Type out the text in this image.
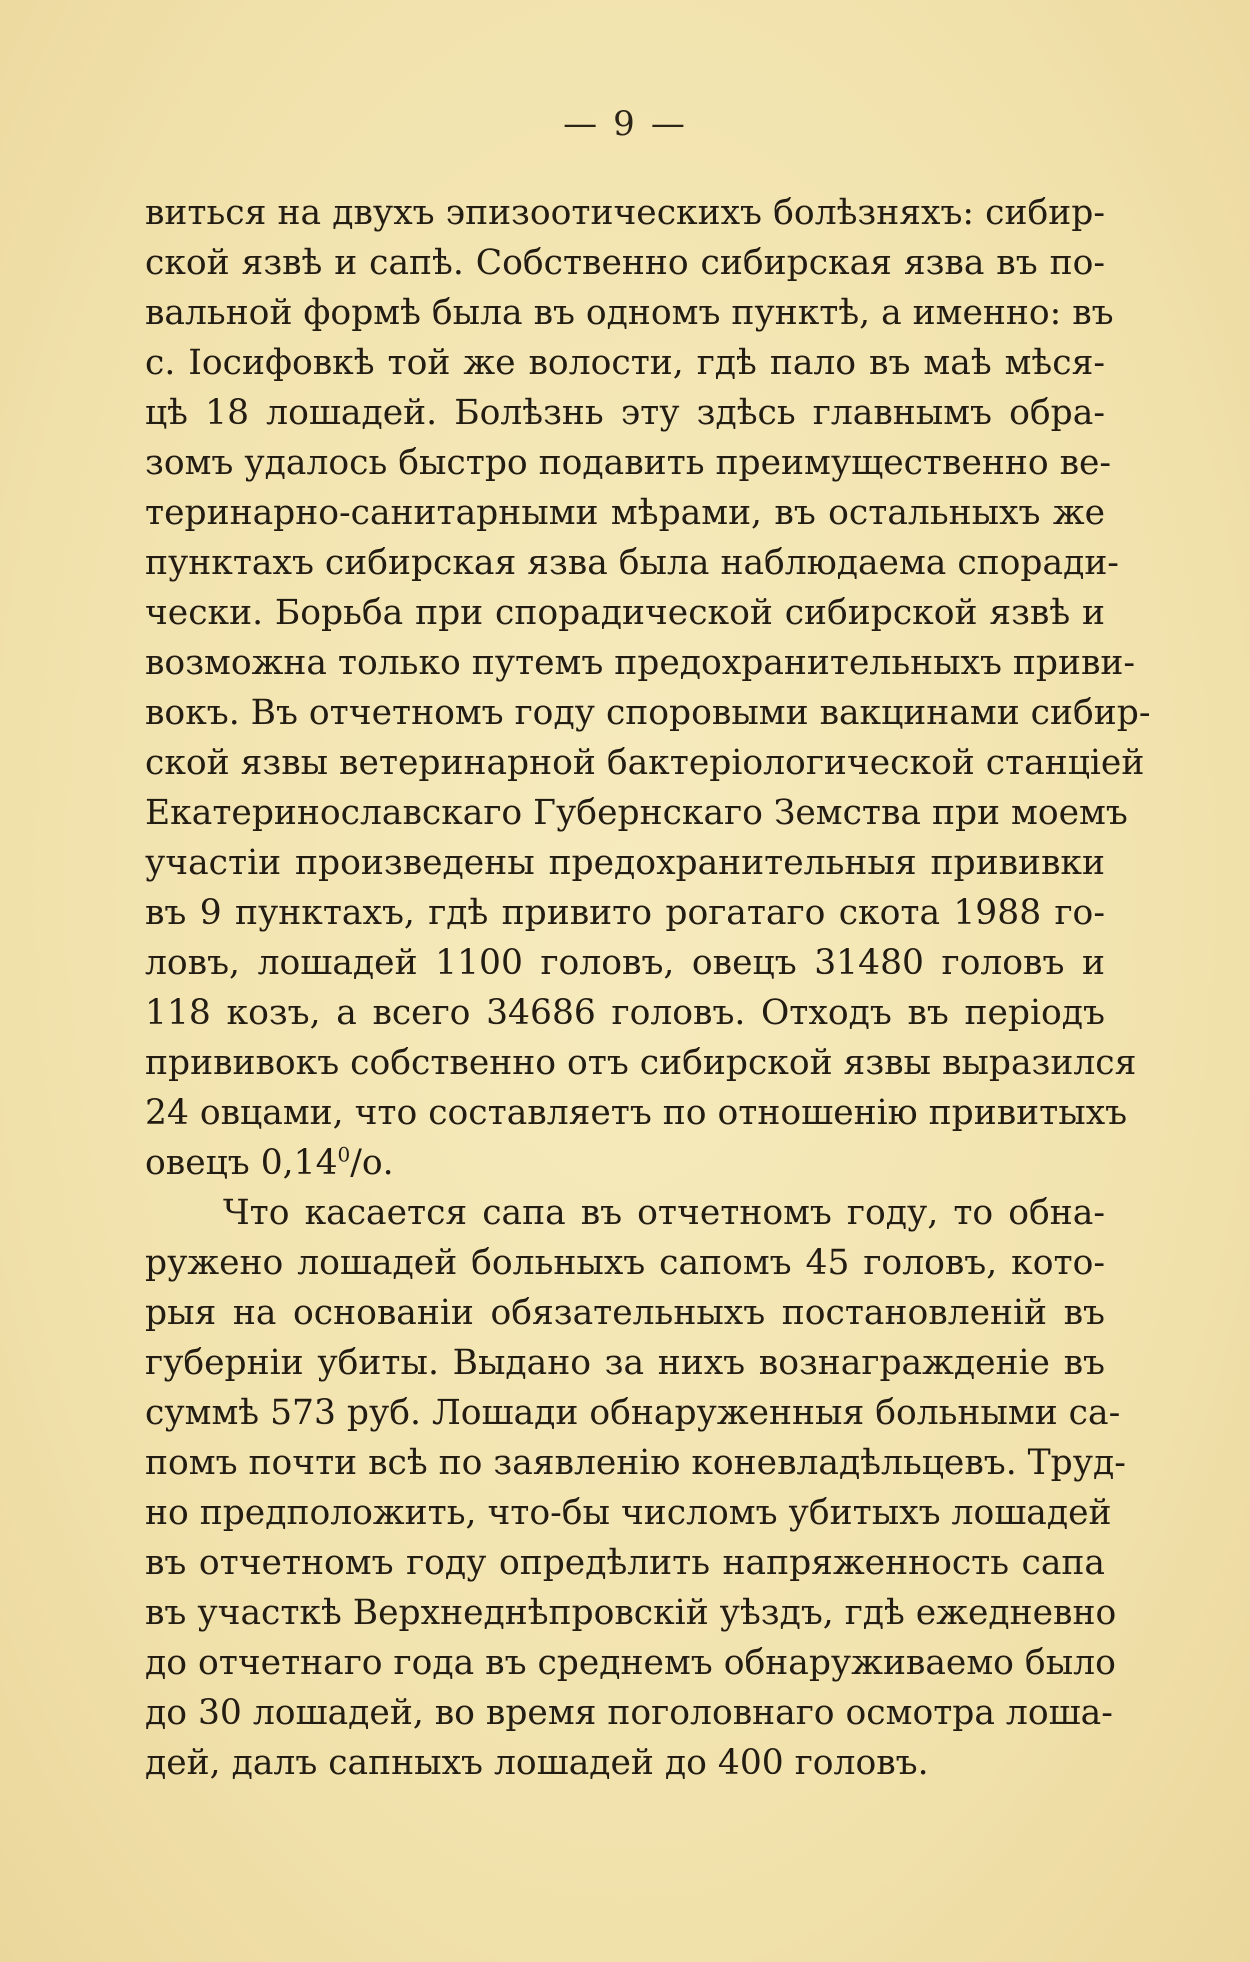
— 9 —
виться на двухъ эпизоотическихъ болѣзняхъ: сибир-
ской язвѣ и сапѣ. Собственно сибирская язва въ по-
вальной формѣ была въ одномъ пунктѣ, а именно: въ
с. Іосифовкѣ той же волости, гдѣ пало въ маѣ мѣся-
цѣ 18 лошадей. Болѣзнь эту здѣсь главнымъ обра-
зомъ удалось быстро подавить преимущественно ве-
теринарно-санитарными мѣрами, въ остальныхъ же
пунктахъ сибирская язва была наблюдаема споради-
чески. Борьба при спорадической сибирской язвѣ и
возможна только путемъ предохранительныхъ приви-
вокъ. Въ отчетномъ году споровыми вакцинами сибир-
ской язвы ветеринарной бактеріологической станціей
Екатеринославскаго Губернскаго Земства при моемъ
участіи произведены предохранительныя прививки
въ 9 пунктахъ, гдѣ привито рогатаго скота 1988 го-
ловъ, лошадей 1100 головъ, овецъ 31480 головъ и
118 козъ, а всего 34686 головъ. Отходъ въ періодъ
прививокъ собственно отъ сибирской язвы выразился
24 овцами, что составляетъ по отношенію привитыхъ
овецъ 0,14$^0$/о.
Что касается сапа въ отчетномъ году, то обна-
ружено лошадей больныхъ сапомъ 45 головъ, кото-
рыя на основаніи обязательныхъ постановленій въ
губерніи убиты. Выдано за нихъ вознагражденіе въ
суммѣ 573 руб. Лошади обнаруженныя больными са-
помъ почти всѣ по заявленію коневладѣльцевъ. Труд-
но предположить, что-бы числомъ убитыхъ лошадей
въ отчетномъ году опредѣлить напряженность сапа
въ участкѣ Верхнеднѣпровскій уѣздъ, гдѣ ежедневно
до отчетнаго года въ среднемъ обнаруживаемо было
до 30 лошадей, во время поголовнаго осмотра лоша-
дей, далъ сапныхъ лошадей до 400 головъ.
